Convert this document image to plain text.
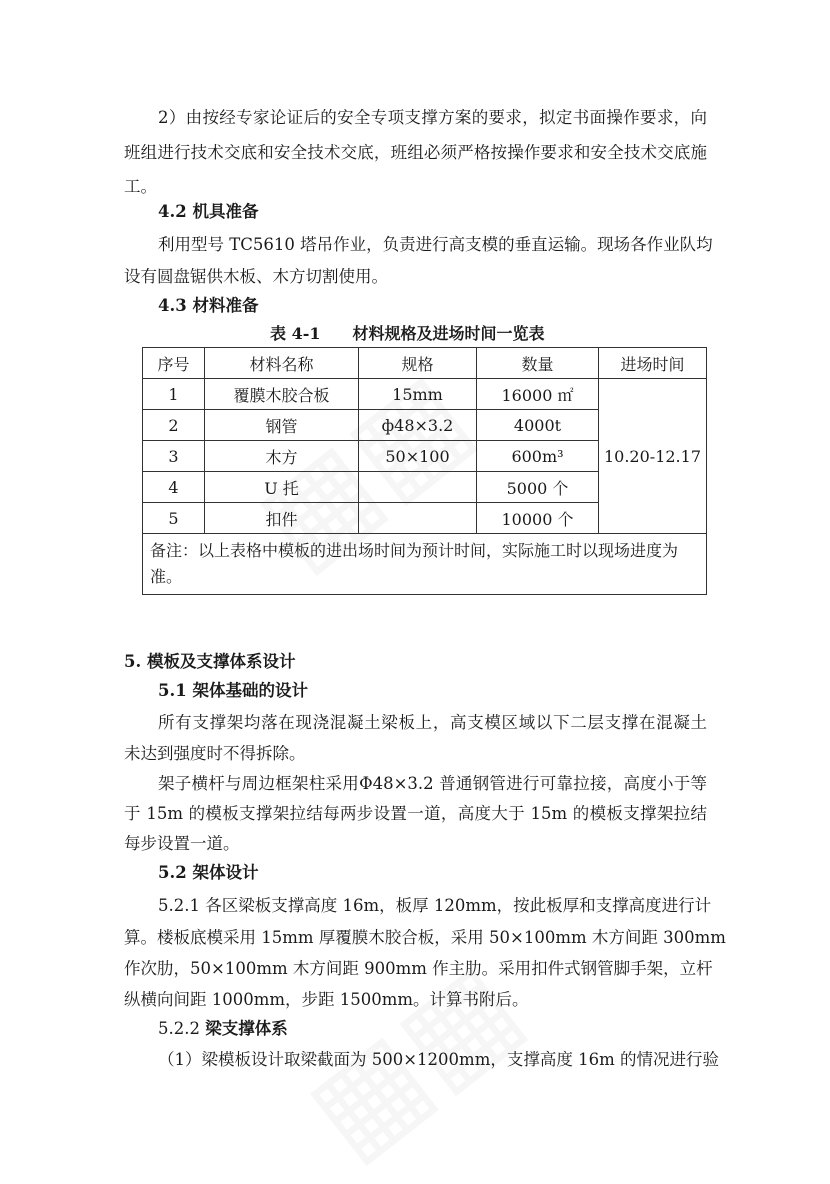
2）由按经专家论证后的安全专项支撑方案的要求，拟定书面操作要求，向
班组进行技术交底和安全技术交底，班组必须严格按操作要求和安全技术交底施
工。
4.2 机具准备
利用型号 TC5610 塔吊作业，负责进行高支模的垂直运输。现场各作业队均
设有圆盘锯供木板、木方切割使用。
4.3 材料准备
表 4-1　　材料规格及进场时间一览表
序号	材料名称	规格	数量	进场时间
1	覆膜木胶合板	15mm	16000 ㎡	10.20-12.17
2	钢管	ф48×3.2	4000t	
3	木方	50×100	600m³	
4	U 托		5000 个	
5	扣件		10000 个	
备注：以上表格中模板的进出场时间为预计时间，实际施工时以现场进度为准。				
5. 模板及支撑体系设计
5.1 架体基础的设计
所有支撑架均落在现浇混凝土梁板上，高支模区域以下二层支撑在混凝土
未达到强度时不得拆除。
架子横杆与周边框架柱采用Φ48×3.2 普通钢管进行可靠拉接，高度小于等
于 15m 的模板支撑架拉结每两步设置一道，高度大于 15m 的模板支撑架拉结
每步设置一道。
5.2 架体设计
5.2.1 各区梁板支撑高度 16m，板厚 120mm，按此板厚和支撑高度进行计
算。楼板底模采用 15mm 厚覆膜木胶合板，采用 50×100mm 木方间距 300mm
作次肋，50×100mm 木方间距 900mm 作主肋。采用扣件式钢管脚手架，立杆
纵横向间距 1000mm，步距 1500mm。计算书附后。
5.2.2 梁支撑体系
（1）梁模板设计取梁截面为 500×1200mm，支撑高度 16m 的情况进行验
